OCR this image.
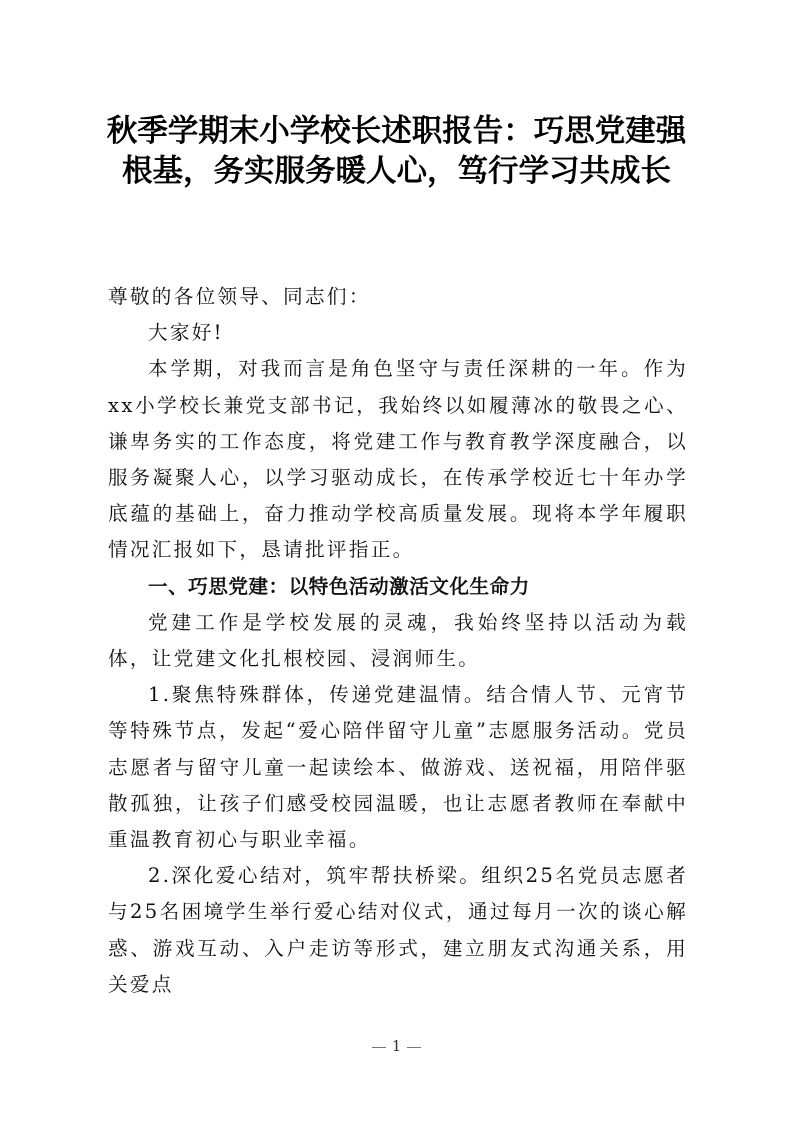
秋季学期末小学校长述职报告：巧思党建强根基，务实服务暖人心，笃行学习共成长

尊敬的各位领导、同志们：

大家好!

本学期，对我而言是角色坚守与责任深耕的一年。作为xx小学校长兼党支部书记，我始终以如履薄冰的敬畏之心、谦卑务实的工作态度，将党建工作与教育教学深度融合，以服务凝聚人心，以学习驱动成长，在传承学校近七十年办学底蕴的基础上，奋力推动学校高质量发展。现将本学年履职情况汇报如下，恳请批评指正。

一、巧思党建：以特色活动激活文化生命力

党建工作是学校发展的灵魂，我始终坚持以活动为载体，让党建文化扎根校园、浸润师生。

1.聚焦特殊群体，传递党建温情。结合情人节、元宵节等特殊节点，发起“爱心陪伴留守儿童”志愿服务活动。党员志愿者与留守儿童一起读绘本、做游戏、送祝福，用陪伴驱散孤独，让孩子们感受校园温暖，也让志愿者教师在奉献中重温教育初心与职业幸福。

2.深化爱心结对，筑牢帮扶桥梁。组织25名党员志愿者与25名困境学生举行爱心结对仪式，通过每月一次的谈心解惑、游戏互动、入户走访等形式，建立朋友式沟通关系，用关爱点

1
